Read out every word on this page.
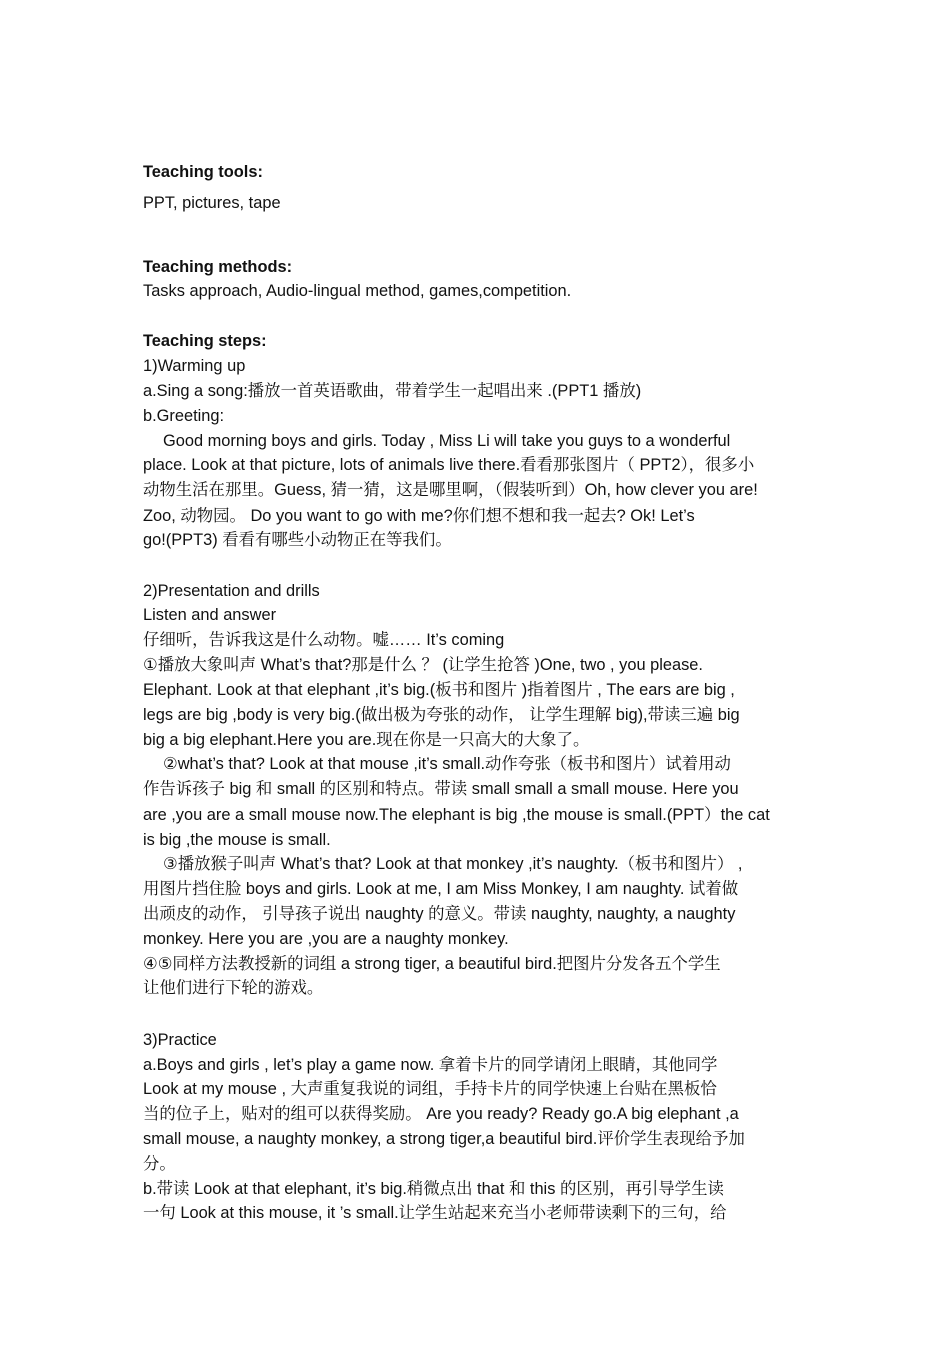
Teaching tools:
PPT, pictures, tape
Teaching methods:
Tasks approach, Audio-lingual method, games,competition.
Teaching steps:
1)Warming up
a.Sing a song:播放一首英语歌曲，带着学生一起唱出来 .(PPT1 播放)
b.Greeting:
Good morning boys and girls. Today , Miss Li will take you guys to a wonderful
place. Look at that picture, lots of animals live there.看看那张图片（ PPT2），很多小
动物生活在那里。Guess, 猜一猜，这是哪里啊，（假装听到）Oh, how clever you are!
Zoo, 动物园。 Do you want to go with me?你们想不想和我一起去? Ok! Let’s
go!(PPT3) 看看有哪些小动物正在等我们。
2)Presentation and drills
Listen and answer
仔细听，告诉我这是什么动物。嘘…… It’s coming
①播放大象叫声 What’s that?那是什么 ？ (让学生抢答 )One, two , you please.
Elephant. Look at that elephant ,it’s big.(板书和图片 )指着图片 , The ears are big ,
legs are big ,body is very big.(做出极为夸张的动作， 让学生理解 big),带读三遍 big
big a big elephant.Here you are.现在你是一只高大的大象了。
②what’s that? Look at that mouse ,it’s small.动作夸张（板书和图片）试着用动
作告诉孩子 big 和 small 的区别和特点。带读 small small a small mouse. Here you
are ,you are a small mouse now.The elephant is big ,the mouse is small.(PPT）the cat
is big ,the mouse is small.
③播放猴子叫声 What’s that? Look at that monkey ,it’s naughty.（板书和图片） ,
用图片挡住脸 boys and girls. Look at me, I am Miss Monkey, I am naughty. 试着做
出顽皮的动作， 引导孩子说出 naughty 的意义。带读 naughty, naughty, a naughty
monkey. Here you are ,you are a naughty monkey.
④⑤同样方法教授新的词组 a strong tiger, a beautiful bird.把图片分发各五个学生
让他们进行下轮的游戏。
3)Practice
a.Boys and girls , let’s play a game now. 拿着卡片的同学请闭上眼睛，其他同学
Look at my mouse , 大声重复我说的词组，手持卡片的同学快速上台贴在黑板恰
当的位子上，贴对的组可以获得奖励。 Are you ready? Ready go.A big elephant ,a
small mouse, a naughty monkey, a strong tiger,a beautiful bird.评价学生表现给予加
分。
b.带读 Look at that elephant, it’s big.稍微点出 that 和 this 的区别，再引导学生读
一句 Look at this mouse, it ’s small.让学生站起来充当小老师带读剩下的三句，给
